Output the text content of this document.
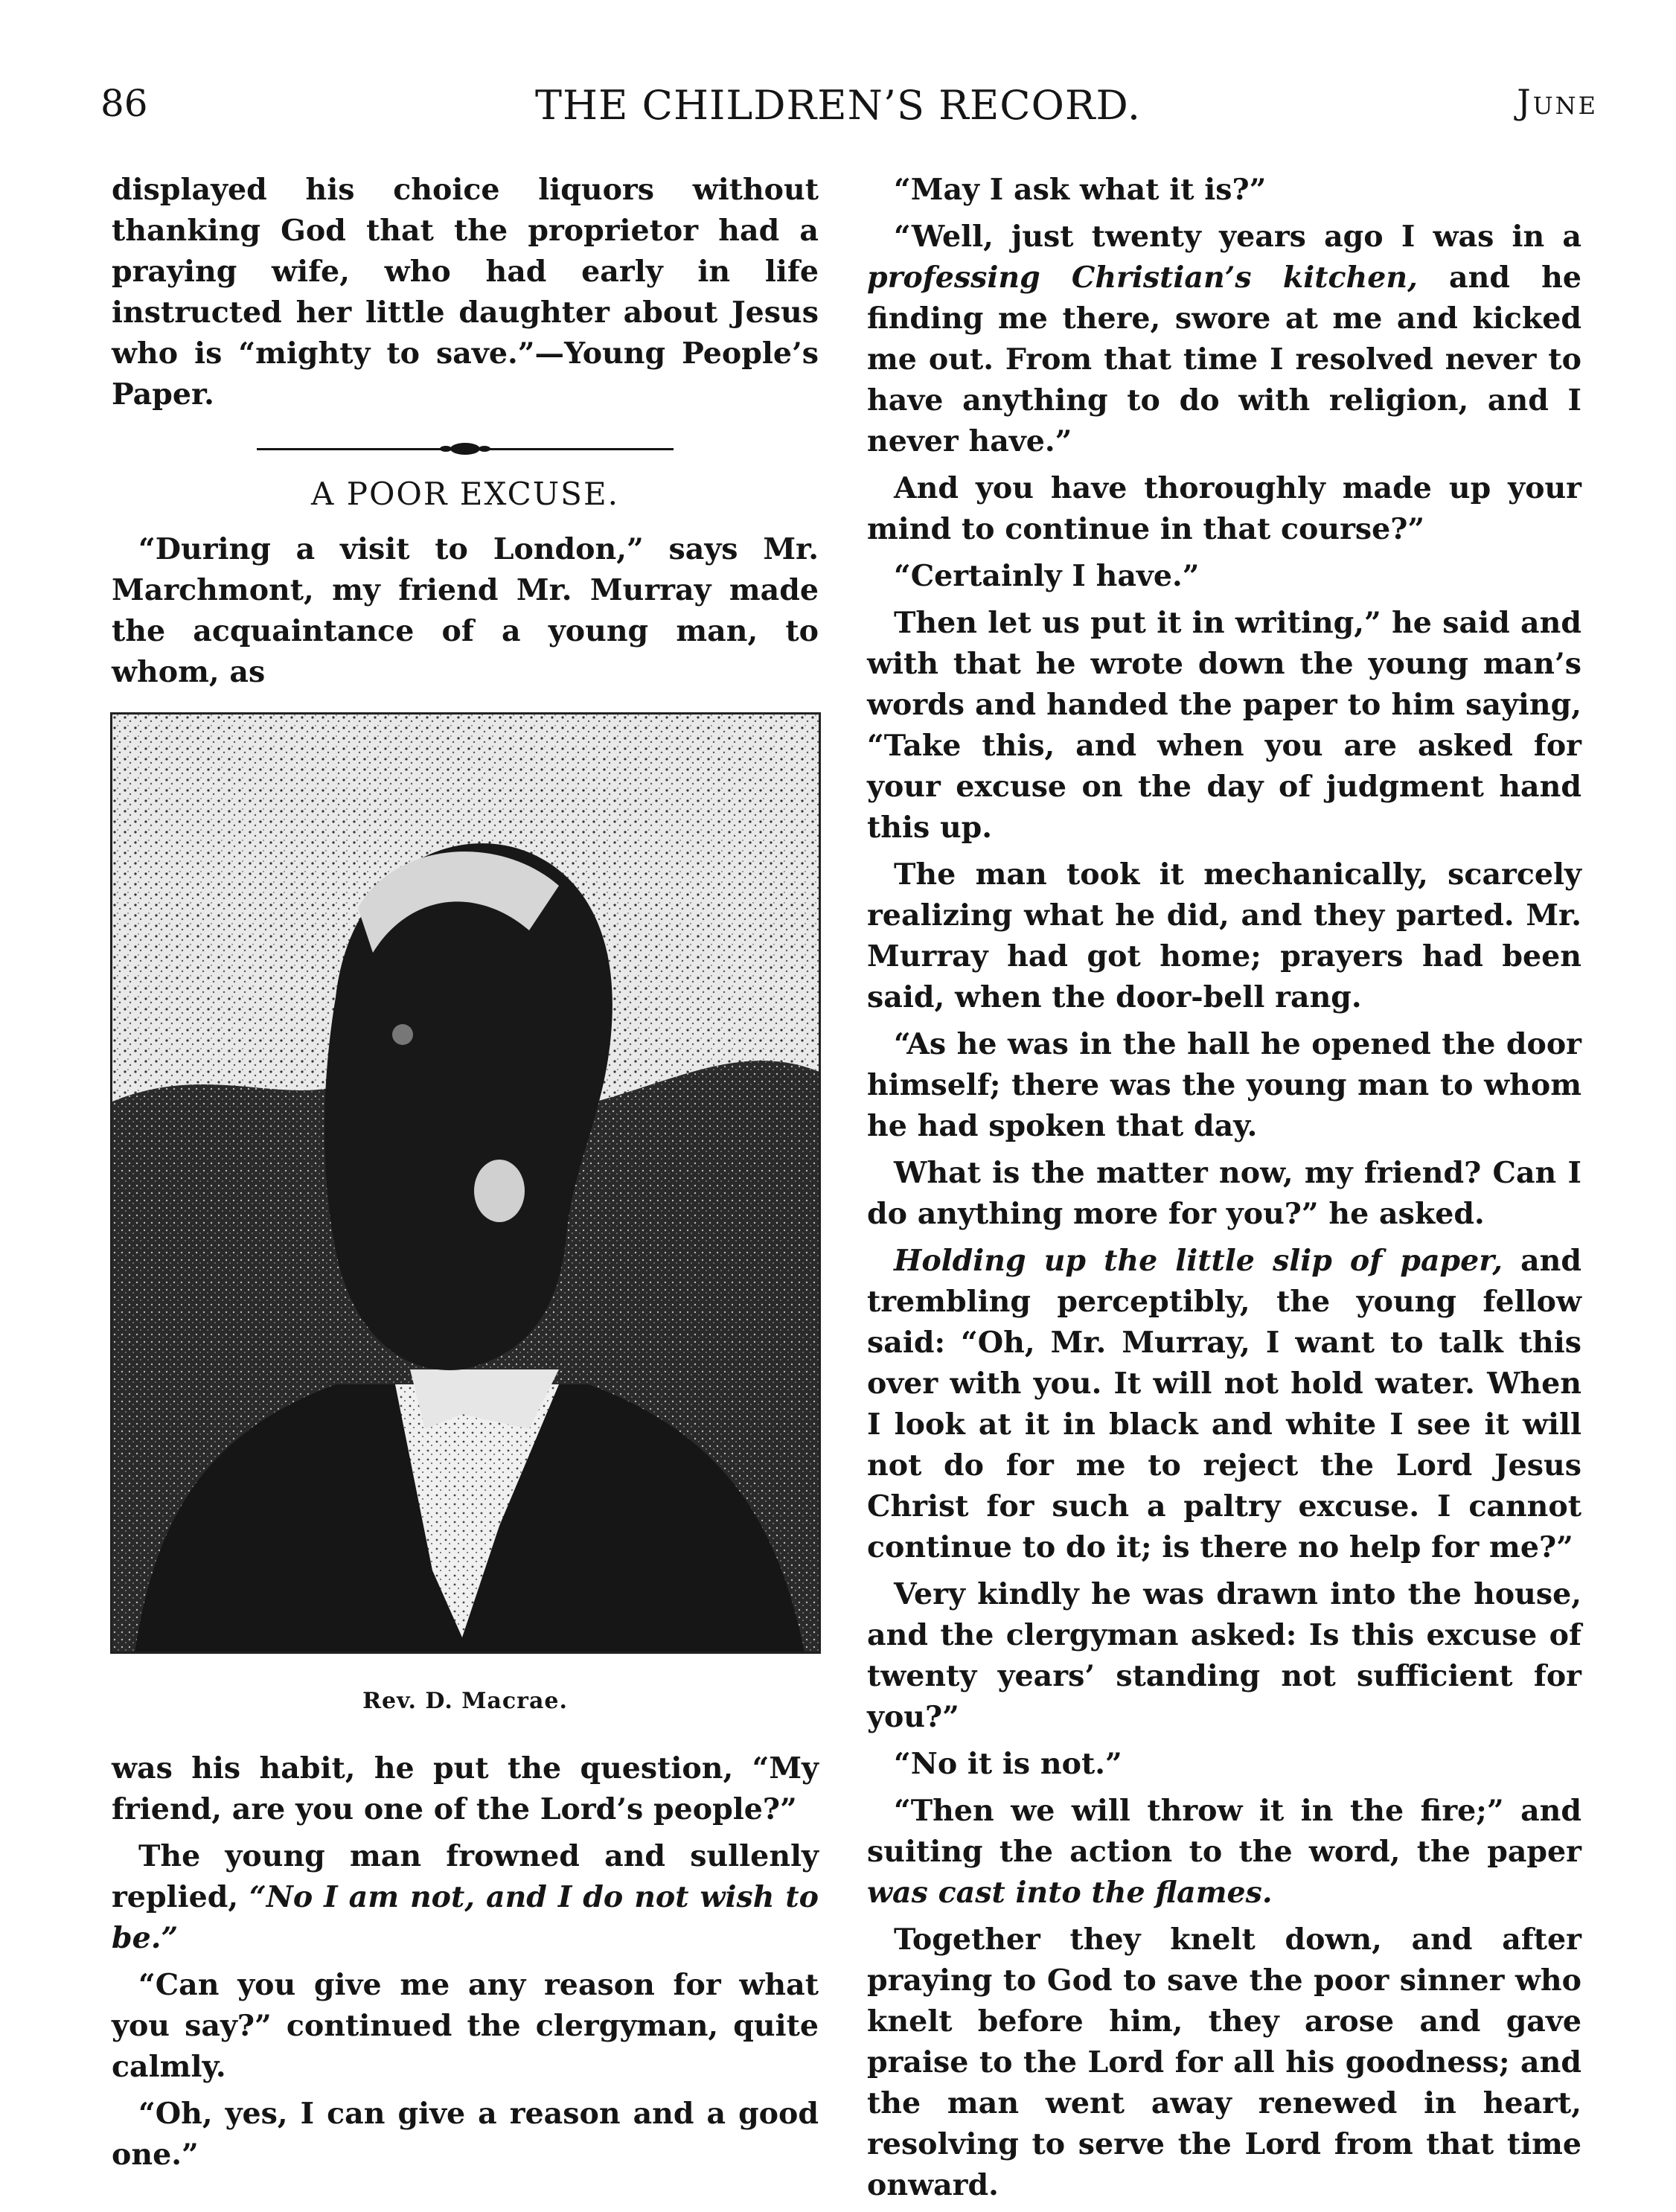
86	THE CHILDREN’S RECORD.	June

displayed his choice liquors without thanking God that the proprietor had a praying wife, who had early in life instructed her little daughter about Jesus who is “mighty to save.”—Young People’s Paper.

A POOR EXCUSE.

“During a visit to London,” says Mr. Marchmont, my friend Mr. Murray made the acquaintance of a young man, to whom, as

Rev. D. Macrae.

was his habit, he put the question, “My friend, are you one of the Lord’s people?”

The young man frowned and sullenly replied, “No I am not, and I do not wish to be.”

“Can you give me any reason for what you say?” continued the clergyman, quite calmly.

“Oh, yes, I can give a reason and a good one.”

“May I ask what it is?”

“Well, just twenty years ago I was in a professing Christian’s kitchen, and he finding me there, swore at me and kicked me out. From that time I resolved never to have anything to do with religion, and I never have.”

And you have thoroughly made up your mind to continue in that course?”

“Certainly I have.”

Then let us put it in writing,” he said and with that he wrote down the young man’s words and handed the paper to him saying, “Take this, and when you are asked for your excuse on the day of judgment hand this up.

The man took it mechanically, scarcely realizing what he did, and they parted. Mr. Murray had got home; prayers had been said, when the door-bell rang.

“As he was in the hall he opened the door himself; there was the young man to whom he had spoken that day.

What is the matter now, my friend? Can I do anything more for you?” he asked.

Holding up the little slip of paper, and trembling perceptibly, the young fellow said: “Oh, Mr. Murray, I want to talk this over with you. It will not hold water. When I look at it in black and white I see it will not do for me to reject the Lord Jesus Christ for such a paltry excuse. I cannot continue to do it; is there no help for me?”

Very kindly he was drawn into the house, and the clergyman asked: Is this excuse of twenty years’ standing not sufficient for you?”

“No it is not.”

“Then we will throw it in the fire;” and suiting the action to the word, the paper was cast into the flames.

Together they knelt down, and after praying to God to save the poor sinner who knelt before him, they arose and gave praise to the Lord for all his goodness; and the man went away renewed in heart, resolving to serve the Lord from that time onward.
